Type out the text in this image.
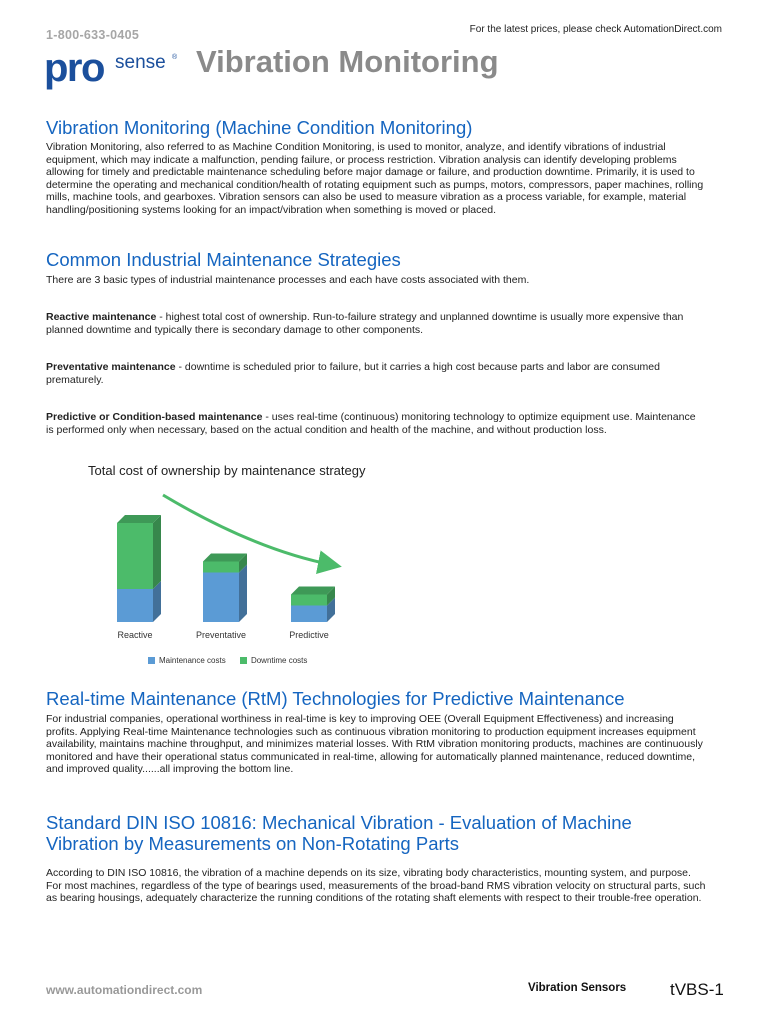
1-800-633-0405	For the latest prices, please check AutomationDirect.com
pro sense ® Vibration Monitoring
Vibration Monitoring (Machine Condition Monitoring)
Vibration Monitoring, also referred to as Machine Condition Monitoring, is used to monitor, analyze, and identify vibrations of industrial equipment, which may indicate a malfunction, pending failure, or process restriction. Vibration analysis can identify developing problems allowing for timely and predictable maintenance scheduling before major damage or failure, and production downtime. Primarily, it is used to determine the operating and mechanical condition/health of rotating equipment such as pumps, motors, compressors, paper machines, rolling mills, machine tools, and gearboxes. Vibration sensors can also be used to measure vibration as a process variable, for example, material handling/positioning systems looking for an impact/vibration when something is moved or placed.
Common Industrial Maintenance Strategies
There are 3 basic types of industrial maintenance processes and each have costs associated with them.
Reactive maintenance - highest total cost of ownership. Run-to-failure strategy and unplanned downtime is usually more expensive than planned downtime and typically there is secondary damage to other components.
Preventative maintenance - downtime is scheduled prior to failure, but it carries a high cost because parts and labor are consumed prematurely.
Predictive or Condition-based maintenance - uses real-time (continuous) monitoring technology to optimize equipment use. Maintenance is performed only when necessary, based on the actual condition and health of the machine, and without production loss.
Total cost of ownership by maintenance strategy
Reactive	Preventative	Predictive
Maintenance costs
	Downtime costs
Real-time Maintenance (RtM) Technologies for Predictive Maintenance
For industrial companies, operational worthiness in real-time is key to improving OEE (Overall Equipment Effectiveness) and increasing profits. Applying Real-time Maintenance technologies such as continuous vibration monitoring to production equipment increases equipment availability, maintains machine throughput, and minimizes material losses. With RtM vibration monitoring products, machines are continuously monitored and have their operational status communicated in real-time, allowing for automatically planned maintenance, reduced downtime, and improved quality......all improving the bottom line.
Standard DIN ISO 10816: Mechanical Vibration - Evaluation of Machine
Vibration by Measurements on Non-Rotating Parts
According to DIN ISO 10816, the vibration of a machine depends on its size, vibrating body characteristics, mounting system, and purpose. For most machines, regardless of the type of bearings used, measurements of the broad-band RMS vibration velocity on structural parts, such as bearing housings, adequately characterize the running conditions of the rotating shaft elements with respect to their trouble-free operation.
www.automationdirect.com	Vibration Sensors	tVBS-1
